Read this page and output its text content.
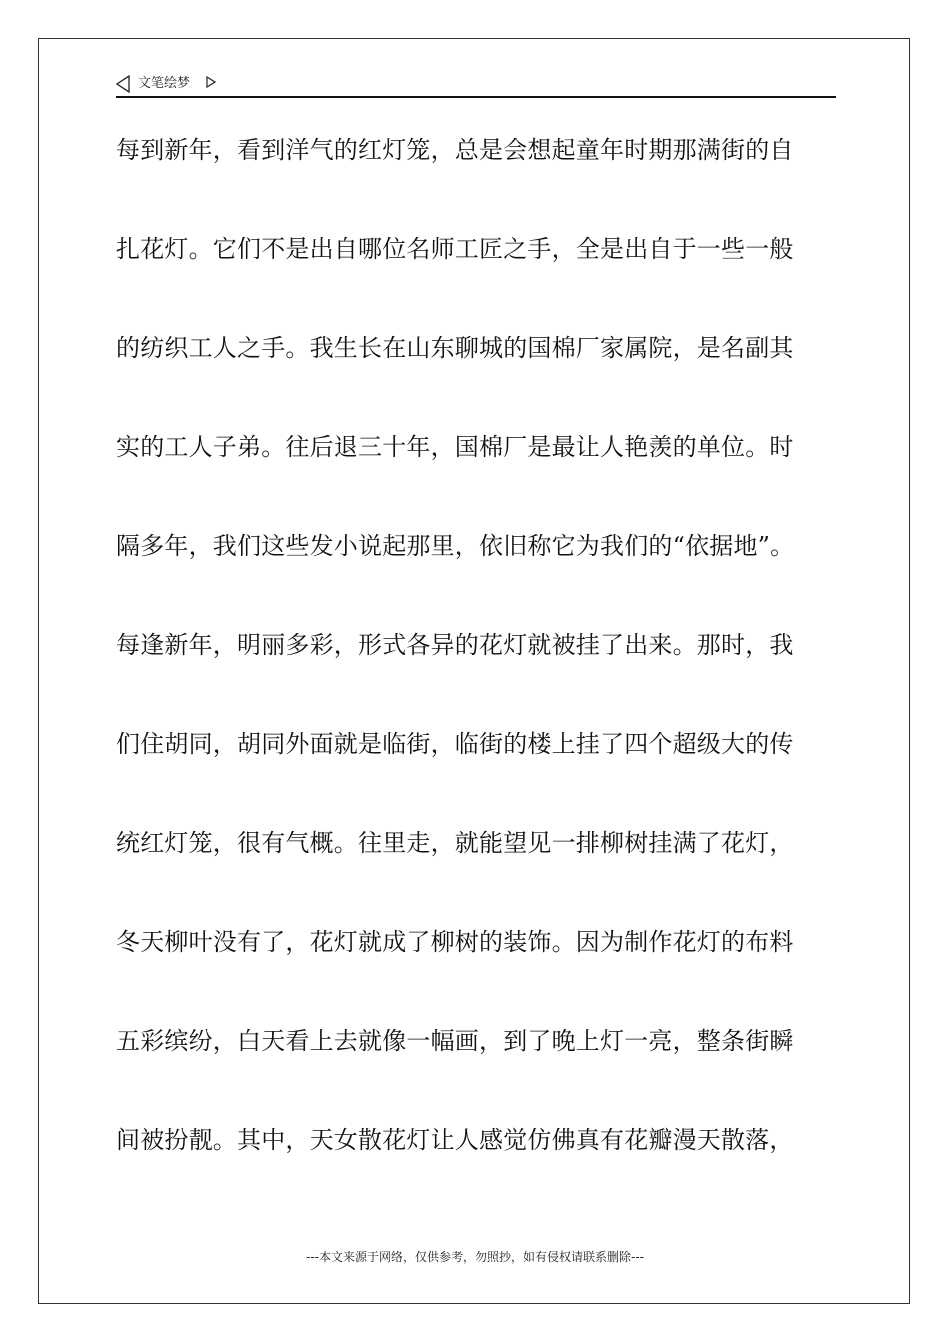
文笔绘梦
每到新年，看到洋气的红灯笼，总是会想起童年时期那满街的自
扎花灯。它们不是出自哪位名师工匠之手，全是出自于一些一般
的纺织工人之手。我生长在山东聊城的国棉厂家属院，是名副其
实的工人子弟。往后退三十年，国棉厂是最让人艳羡的单位。时
隔多年，我们这些发小说起那里，依旧称它为我们的“依据地”。
每逢新年，明丽多彩，形式各异的花灯就被挂了出来。那时，我
们住胡同，胡同外面就是临街，临街的楼上挂了四个超级大的传
统红灯笼，很有气概。往里走，就能望见一排柳树挂满了花灯，
冬天柳叶没有了，花灯就成了柳树的装饰。因为制作花灯的布料
五彩缤纷，白天看上去就像一幅画，到了晚上灯一亮，整条街瞬
间被扮靓。其中，天女散花灯让人感觉仿佛真有花瓣漫天散落，
---本文来源于网络，仅供参考，勿照抄，如有侵权请联系删除---
